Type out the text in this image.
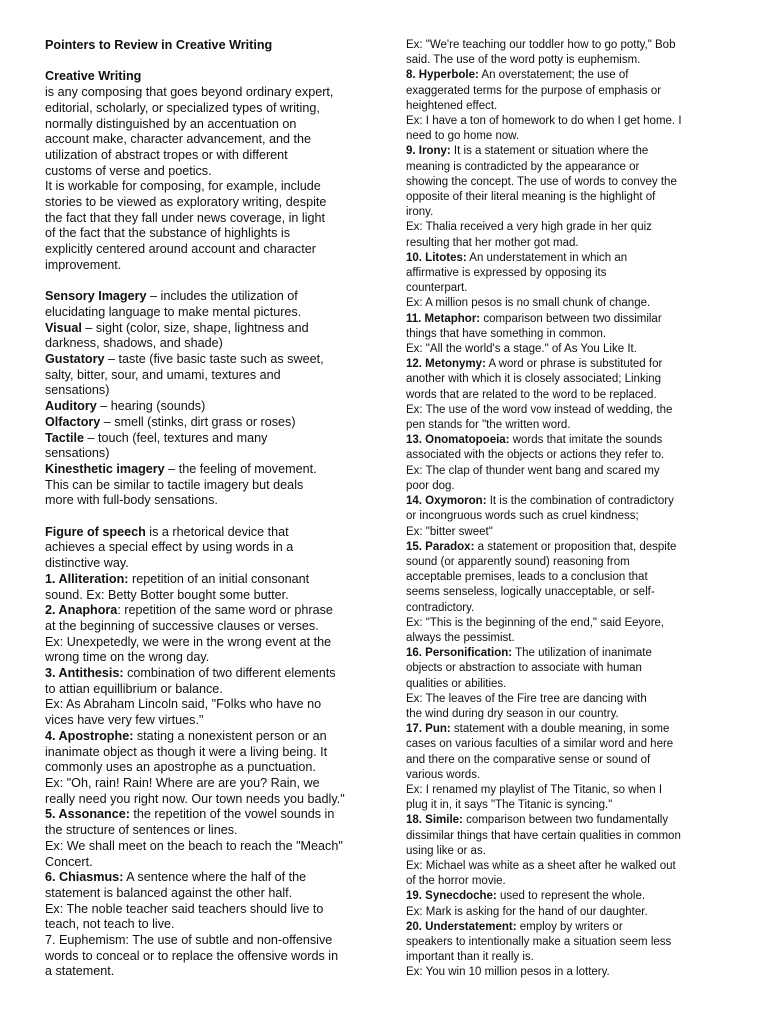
Pointers to Review in Creative Writing
Creative Writing
is any composing that goes beyond ordinary expert,
editorial, scholarly, or specialized types of writing,
normally distinguished by an accentuation on
account make, character advancement, and the
utilization of abstract tropes or with different
customs of verse and poetics.
It is workable for composing, for example, include
stories to be viewed as exploratory writing, despite
the fact that they fall under news coverage, in light
of the fact that the substance of highlights is
explicitly centered around account and character
improvement.
Sensory Imagery – includes the utilization of
elucidating language to make mental pictures.
Visual – sight (color, size, shape, lightness and
darkness, shadows, and shade)
Gustatory – taste (five basic taste such as sweet,
salty, bitter, sour, and umami, textures and
sensations)
Auditory – hearing (sounds)
Olfactory – smell (stinks, dirt grass or roses)
Tactile – touch (feel, textures and many
sensations)
Kinesthetic imagery – the feeling of movement.
This can be similar to tactile imagery but deals
more with full-body sensations.
Figure of speech is a rhetorical device that
achieves a special effect by using words in a
distinctive way.
1. Alliteration: repetition of an initial consonant
sound. Ex: Betty Botter bought some butter.
2. Anaphora: repetition of the same word or phrase
at the beginning of successive clauses or verses.
Ex: Unexpetedly, we were in the wrong event at the
wrong time on the wrong day.
3. Antithesis: combination of two different elements
to attian equillibrium or balance.
Ex: As Abraham Lincoln said, "Folks who have no
vices have very few virtues."
4. Apostrophe: stating a nonexistent person or an
inanimate object as though it were a living being. It
commonly uses an apostrophe as a punctuation.
Ex: "Oh, rain! Rain! Where are are you? Rain, we
really need you right now. Our town needs you badly."
5. Assonance: the repetition of the vowel sounds in
the structure of sentences or lines.
Ex: We shall meet on the beach to reach the "Meach"
Concert.
6. Chiasmus: A sentence where the half of the
statement is balanced against the other half.
Ex: The noble teacher said teachers should live to
teach, not teach to live.
7. Euphemism: The use of subtle and non-offensive
words to conceal or to replace the offensive words in
a statement.
Ex: "We're teaching our toddler how to go potty," Bob
said. The use of the word potty is euphemism.
8. Hyperbole: An overstatement; the use of
exaggerated terms for the purpose of emphasis or
heightened effect.
Ex: I have a ton of homework to do when I get home. I
need to go home now.
9. Irony: It is a statement or situation where the
meaning is contradicted by the appearance or
showing the concept. The use of words to convey the
opposite of their literal meaning is the highlight of
irony.
Ex: Thalia received a very high grade in her quiz
resulting that her mother got mad.
10. Litotes: An understatement in which an
affirmative is expressed by opposing its
counterpart.
Ex: A million pesos is no small chunk of change.
11. Metaphor: comparison between two dissimilar
things that have something in common.
Ex: "All the world's a stage." of As You Like It.
12. Metonymy: A word or phrase is substituted for
another with which it is closely associated; Linking
words that are related to the word to be replaced.
Ex: The use of the word vow instead of wedding, the
pen stands for "the written word.
13. Onomatopoeia: words that imitate the sounds
associated with the objects or actions they refer to.
Ex: The clap of thunder went bang and scared my
poor dog.
14. Oxymoron: It is the combination of contradictory
or incongruous words such as cruel kindness;
Ex: "bitter sweet"
15. Paradox: a statement or proposition that, despite
sound (or apparently sound) reasoning from
acceptable premises, leads to a conclusion that
seems senseless, logically unacceptable, or self-
contradictory.
Ex: "This is the beginning of the end," said Eeyore,
always the pessimist.
16. Personification: The utilization of inanimate
objects or abstraction to associate with human
qualities or abilities.
Ex: The leaves of the Fire tree are dancing with
the wind during dry season in our country.
17. Pun: statement with a double meaning, in some
cases on various faculties of a similar word and here
and there on the comparative sense or sound of
various words.
Ex: I renamed my playlist of The Titanic, so when I
plug it in, it says "The Titanic is syncing."
18. Simile: comparison between two fundamentally
dissimilar things that have certain qualities in common
using like or as.
Ex: Michael was white as a sheet after he walked out
of the horror movie.
19. Synecdoche: used to represent the whole.
Ex: Mark is asking for the hand of our daughter.
20. Understatement: employ by writers or
speakers to intentionally make a situation seem less
important than it really is.
Ex: You win 10 million pesos in a lottery.
